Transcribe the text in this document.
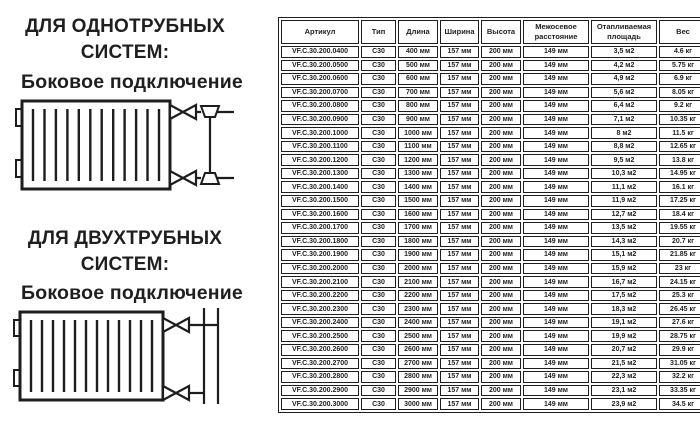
ДЛЯ ОДНОТРУБНЫХ
СИСТЕМ:
Боковое подключение
ДЛЯ ДВУХТРУБНЫХ
СИСТЕМ:
Боковое подключение
Артикул	Тип	Длина	Ширина	Высота	Межосевое расстояние	Отапливаемая площадь	Вес
VF.C.30.200.0400	C30	400 мм	157 мм	200 мм	149 мм	3,5 м2	4.6 кг
VF.C.30.200.0500	C30	500 мм	157 мм	200 мм	149 мм	4,2 м2	5.75 кг
VF.C.30.200.0600	C30	600 мм	157 мм	200 мм	149 мм	4,9 м2	6.9 кг
VF.C.30.200.0700	C30	700 мм	157 мм	200 мм	149 мм	5,6 м2	8.05 кг
VF.C.30.200.0800	C30	800 мм	157 мм	200 мм	149 мм	6,4 м2	9.2 кг
VF.C.30.200.0900	C30	900 мм	157 мм	200 мм	149 мм	7,1 м2	10.35 кг
VF.C.30.200.1000	C30	1000 мм	157 мм	200 мм	149 мм	8 м2	11.5 кг
VF.C.30.200.1100	C30	1100 мм	157 мм	200 мм	149 мм	8,8 м2	12.65 кг
VF.C.30.200.1200	C30	1200 мм	157 мм	200 мм	149 мм	9,5 м2	13.8 кг
VF.C.30.200.1300	C30	1300 мм	157 мм	200 мм	149 мм	10,3 м2	14.95 кг
VF.C.30.200.1400	C30	1400 мм	157 мм	200 мм	149 мм	11,1 м2	16.1 кг
VF.C.30.200.1500	C30	1500 мм	157 мм	200 мм	149 мм	11,9 м2	17.25 кг
VF.C.30.200.1600	C30	1600 мм	157 мм	200 мм	149 мм	12,7 м2	18.4 кг
VF.C.30.200.1700	C30	1700 мм	157 мм	200 мм	149 мм	13,5 м2	19.55 кг
VF.C.30.200.1800	C30	1800 мм	157 мм	200 мм	149 мм	14,3 м2	20.7 кг
VF.C.30.200.1900	C30	1900 мм	157 мм	200 мм	149 мм	15,1 м2	21.85 кг
VF.C.30.200.2000	C30	2000 мм	157 мм	200 мм	149 мм	15,9 м2	23 кг
VF.C.30.200.2100	C30	2100 мм	157 мм	200 мм	149 мм	16,7 м2	24.15 кг
VF.C.30.200.2200	C30	2200 мм	157 мм	200 мм	149 мм	17,5 м2	25.3 кг
VF.C.30.200.2300	C30	2300 мм	157 мм	200 мм	149 мм	18,3 м2	26.45 кг
VF.C.30.200.2400	C30	2400 мм	157 мм	200 мм	149 мм	19,1 м2	27.6 кг
VF.C.30.200.2500	C30	2500 мм	157 мм	200 мм	149 мм	19,9 м2	28.75 кг
VF.C.30.200.2600	C30	2600 мм	157 мм	200 мм	149 мм	20,7 м2	29.9 кг
VF.C.30.200.2700	C30	2700 мм	157 мм	200 мм	149 мм	21,5 м2	31.05 кг
VF.C.30.200.2800	C30	2800 мм	157 мм	200 мм	149 мм	22,3 м2	32.2 кг
VF.C.30.200.2900	C30	2900 мм	157 мм	200 мм	149 мм	23,1 м2	33.35 кг
VF.C.30.200.3000	C30	3000 мм	157 мм	200 мм	149 мм	23,9 м2	34.5 кг
